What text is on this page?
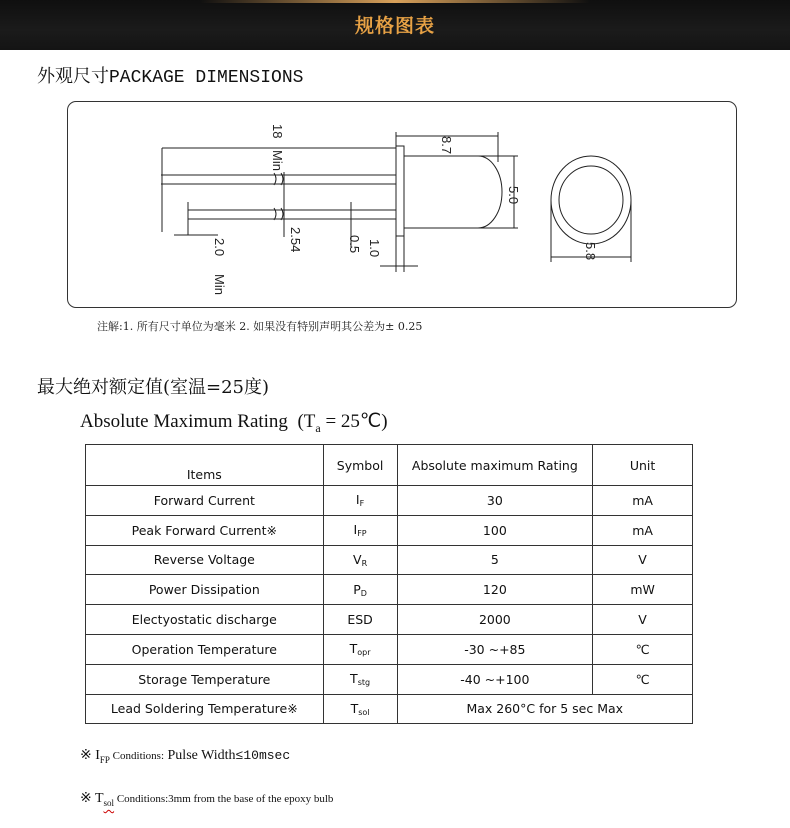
规格图表
外观尺寸PACKAGE DIMENSIONS
18
Min
8.7
5.0
2.54	0.5 1.0
2.0
Min
5.8
注解:1. 所有尺寸单位为毫米 2. 如果没有特别声明其公差为± 0.25
最大绝对额定值(室温=25度)
Absolute Maximum Rating ($T_a$ = 25℃)
Items	Symbol	Absolute maximum Rating	Unit
Forward Current	$I_F$	30	mA
Peak Forward Current※	$I_{FP}$	100	mA
Reverse Voltage	$V_R$	5	V
Power Dissipation	$P_D$	120	mW
Electyostatic discharge	ESD	2000	V
Operation Temperature	$T_{opr}$	-30 ~+85	℃
Storage Temperature	$T_{stg}$	-40 ~+100	℃
Lead Soldering Temperature※	$T_{sol}$	Max 260°C for 5 sec Max	
※ $I_{FP}$ Conditions: Pulse Width≤10msec
※ $T_{sol}$ Conditions:3mm from the base of the epoxy bulb
